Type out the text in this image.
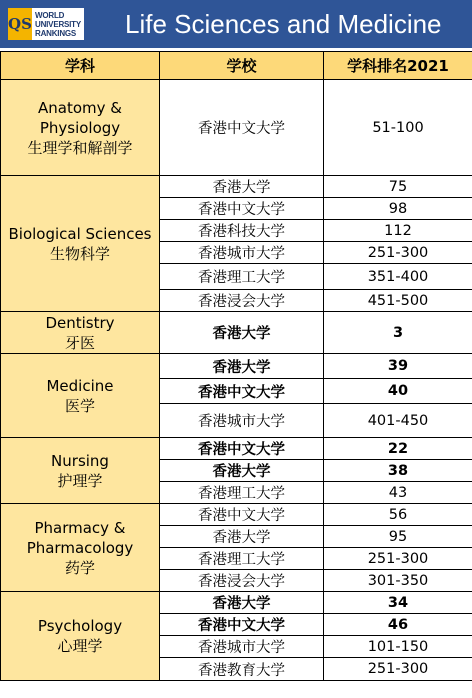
QS WORLD
UNIVERSITY
RANKINGS Life Sciences and Medicine
学科	学校	学科排名2021

Anatomy &
Physiology
生理学和解剖学	香港中文大学	51-100

Biological Sciences
生物科学	香港大学	75
	香港中文大学	98
	香港科技大学	112
	香港城市大学	251-300
	香港理工大学	351-400
	香港浸会大学	451-500

Dentistry
牙医	香港大学	3

Medicine
医学	香港大学	39
	香港中文大学	40
	香港城市大学	401-450

Nursing
护理学	香港中文大学	22
	香港大学	38
	香港理工大学	43

Pharmacy &
Pharmacology
药学	香港中文大学	56
	香港大学	95
	香港理工大学	251-300
	香港浸会大学	301-350

Psychology
心理学	香港大学	34
	香港中文大学	46
	香港城市大学	101-150
	香港教育大学	251-300
